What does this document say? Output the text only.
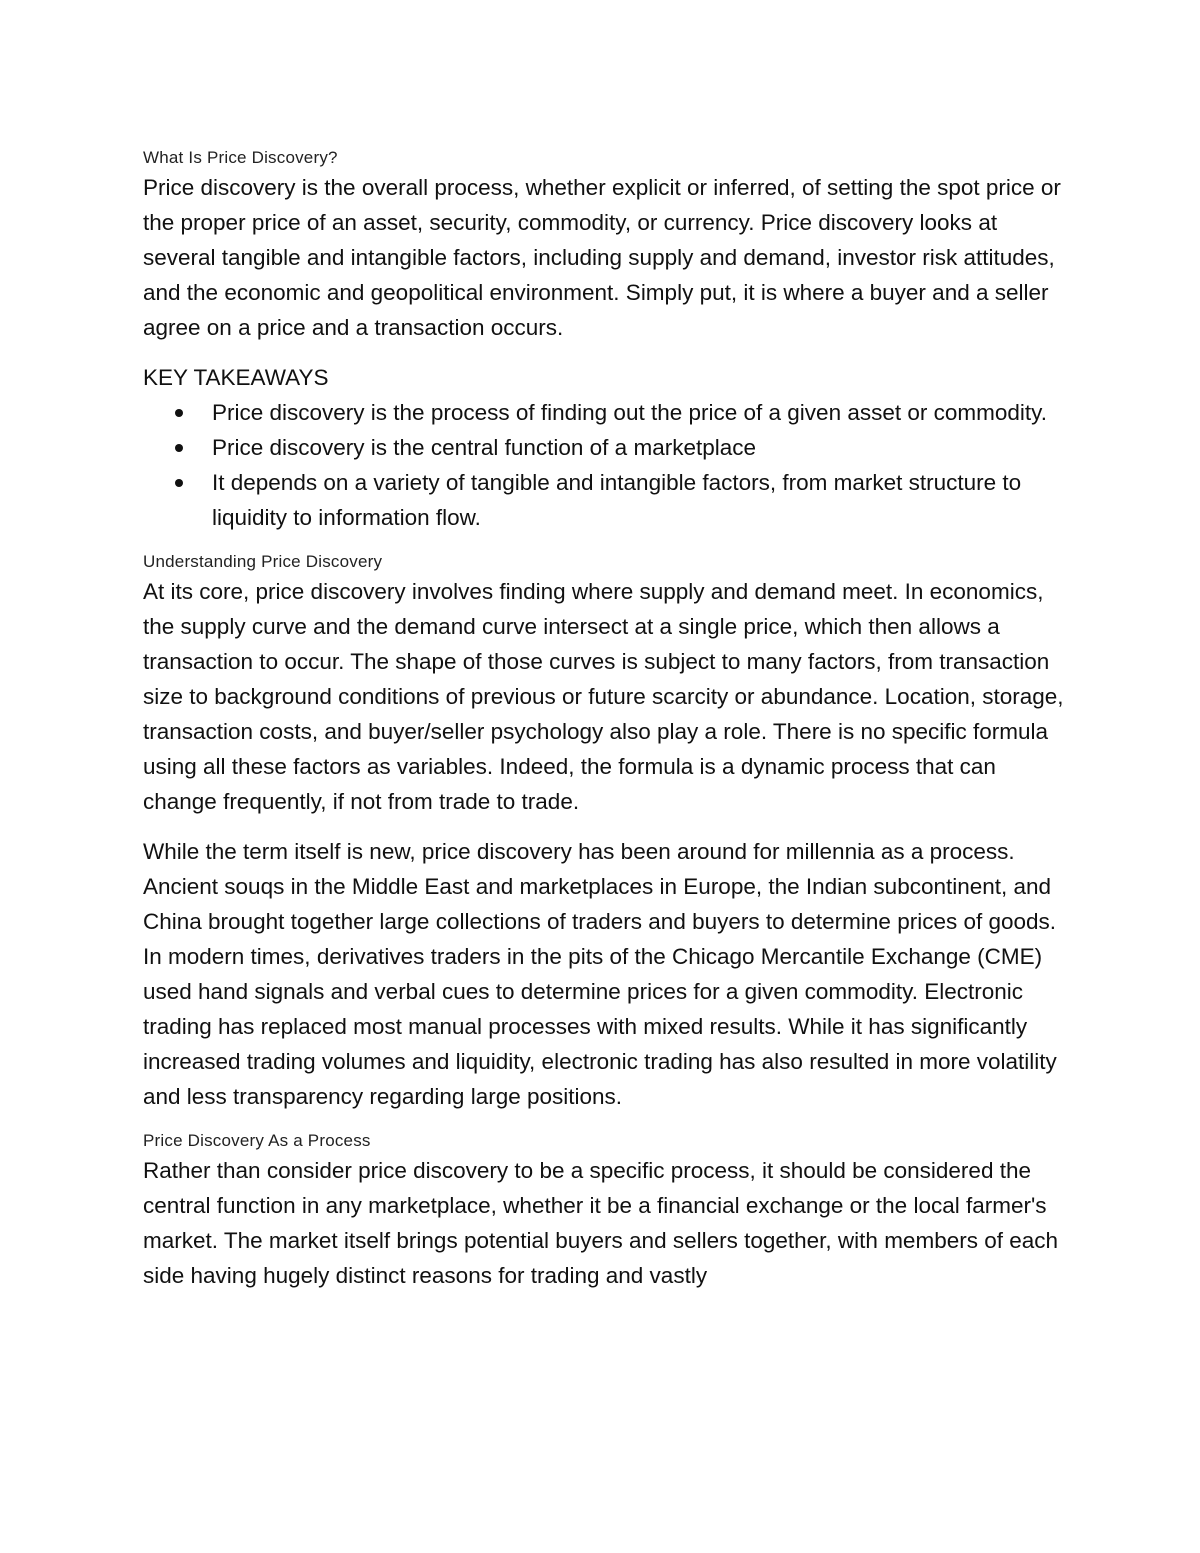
What Is Price Discovery?

Price discovery is the overall process, whether explicit or inferred, of setting the spot price or the proper price of an asset, security, commodity, or currency. Price discovery looks at several tangible and intangible factors, including supply and demand, investor risk attitudes, and the economic and geopolitical environment. Simply put, it is where a buyer and a seller agree on a price and a transaction occurs.

KEY TAKEAWAYS

Price discovery is the process of finding out the price of a given asset or commodity.
Price discovery is the central function of a marketplace
It depends on a variety of tangible and intangible factors, from market structure to liquidity to information flow.

Understanding Price Discovery

At its core, price discovery involves finding where supply and demand meet. In economics, the supply curve and the demand curve intersect at a single price, which then allows a transaction to occur. The shape of those curves is subject to many factors, from transaction size to background conditions of previous or future scarcity or abundance. Location, storage, transaction costs, and buyer/seller psychology also play a role. There is no specific formula using all these factors as variables. Indeed, the formula is a dynamic process that can change frequently, if not from trade to trade.

While the term itself is new, price discovery has been around for millennia as a process. Ancient souqs in the Middle East and marketplaces in Europe, the Indian subcontinent, and China brought together large collections of traders and buyers to determine prices of goods. In modern times, derivatives traders in the pits of the Chicago Mercantile Exchange (CME) used hand signals and verbal cues to determine prices for a given commodity. Electronic trading has replaced most manual processes with mixed results. While it has significantly increased trading volumes and liquidity, electronic trading has also resulted in more volatility and less transparency regarding large positions.

Price Discovery As a Process

Rather than consider price discovery to be a specific process, it should be considered the central function in any marketplace, whether it be a financial exchange or the local farmer's market. The market itself brings potential buyers and sellers together, with members of each side having hugely distinct reasons for trading and vastly
